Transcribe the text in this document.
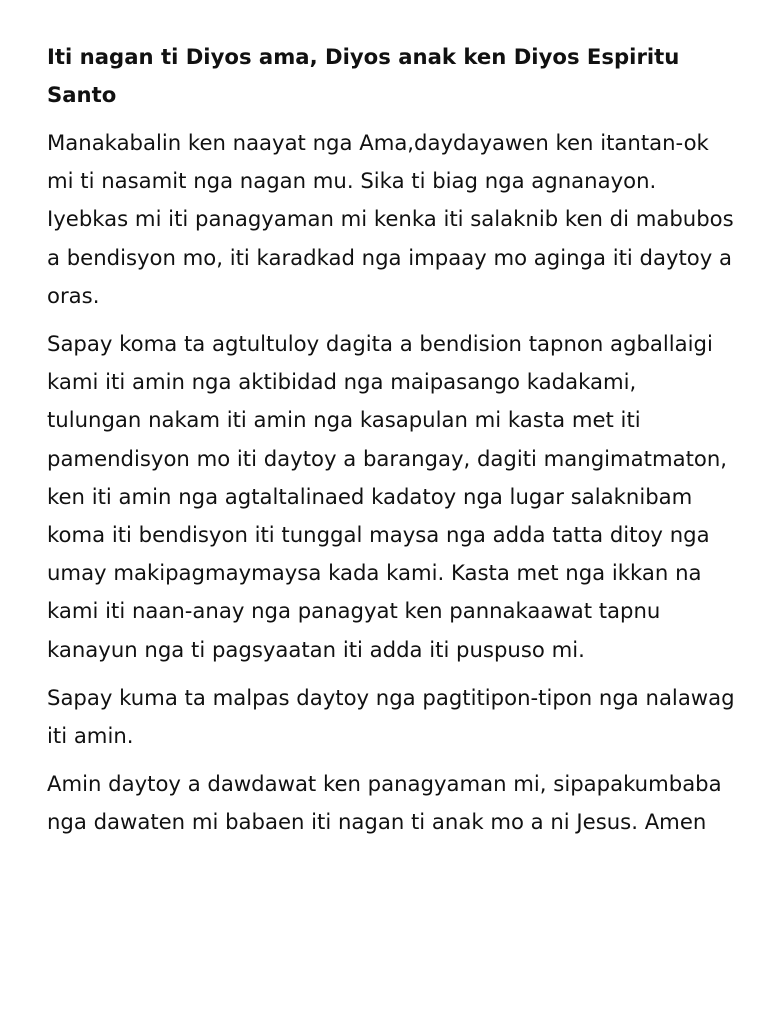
Iti nagan ti Diyos ama, Diyos anak ken Diyos Espiritu Santo

Manakabalin ken naayat nga Ama,daydayawen ken itantan-ok mi ti nasamit nga nagan mu. Sika ti biag nga agnanayon. Iyebkas mi iti panagyaman mi kenka iti salaknib ken di mabubos a bendisyon mo, iti karadkad nga impaay mo aginga iti daytoy a oras.

Sapay koma ta agtultuloy dagita a bendision tapnon agballaigi kami iti amin nga aktibidad nga maipasango kadakami, tulungan nakam iti amin nga kasapulan mi kasta met iti pamendisyon mo iti daytoy a barangay, dagiti mangimatmaton, ken iti amin nga agtaltalinaed kadatoy nga lugar salaknibam koma iti bendisyon iti tunggal maysa nga adda tatta ditoy nga umay makipagmaymaysa kada kami. Kasta met nga ikkan na kami iti naan-anay nga panagyat ken pannakaawat tapnu kanayun nga ti pagsyaatan iti adda iti puspuso mi.

Sapay kuma ta malpas daytoy nga pagtitipon-tipon nga nalawag iti amin.

Amin daytoy a dawdawat ken panagyaman mi, sipapakumbaba nga dawaten mi babaen iti nagan ti anak mo a ni Jesus. Amen
